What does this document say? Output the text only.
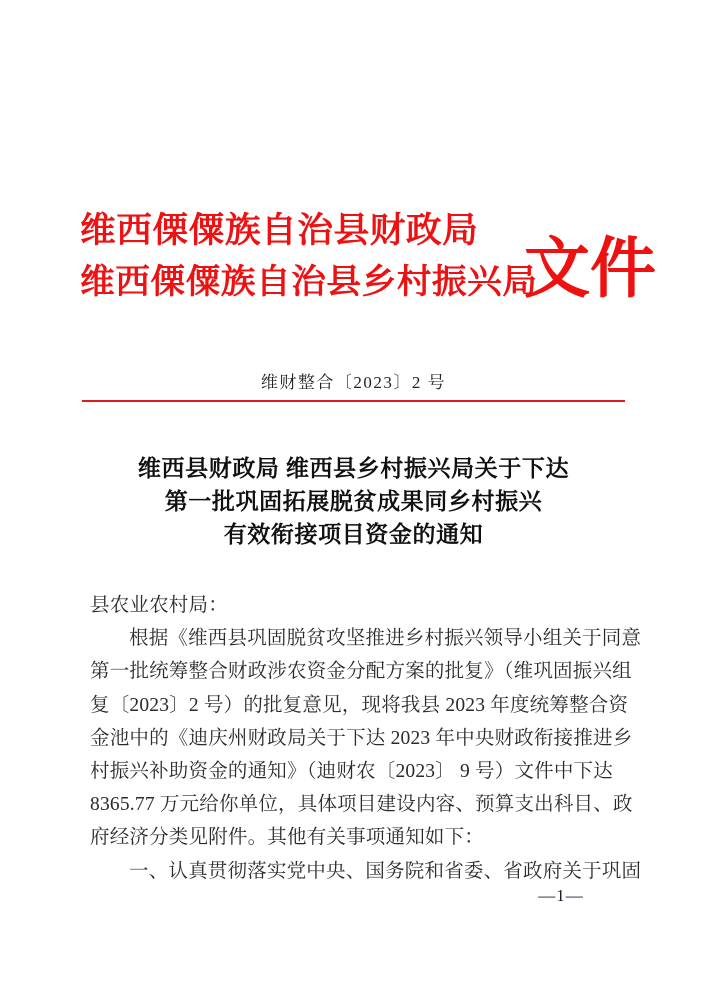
维西傈僳族自治县财政局
维西傈僳族自治县乡村振兴局
文件
维财整合〔2023〕2 号
维西县财政局 维西县乡村振兴局关于下达
第一批巩固拓展脱贫成果同乡村振兴
有效衔接项目资金的通知
县农业农村局：
根据《维西县巩固脱贫攻坚推进乡村振兴领导小组关于同意
第一批统筹整合财政涉农资金分配方案的批复》（维巩固振兴组
复〔2023〕2 号）的批复意见，现将我县 2023 年度统筹整合资
金池中的《迪庆州财政局关于下达 2023 年中央财政衔接推进乡
村振兴补助资金的通知》（迪财农〔2023〕 9 号）文件中下达
8365.77 万元给你单位，具体项目建设内容、预算支出科目、政
府经济分类见附件。其他有关事项通知如下：
一、认真贯彻落实党中央、国务院和省委、省政府关于巩固
—1—
